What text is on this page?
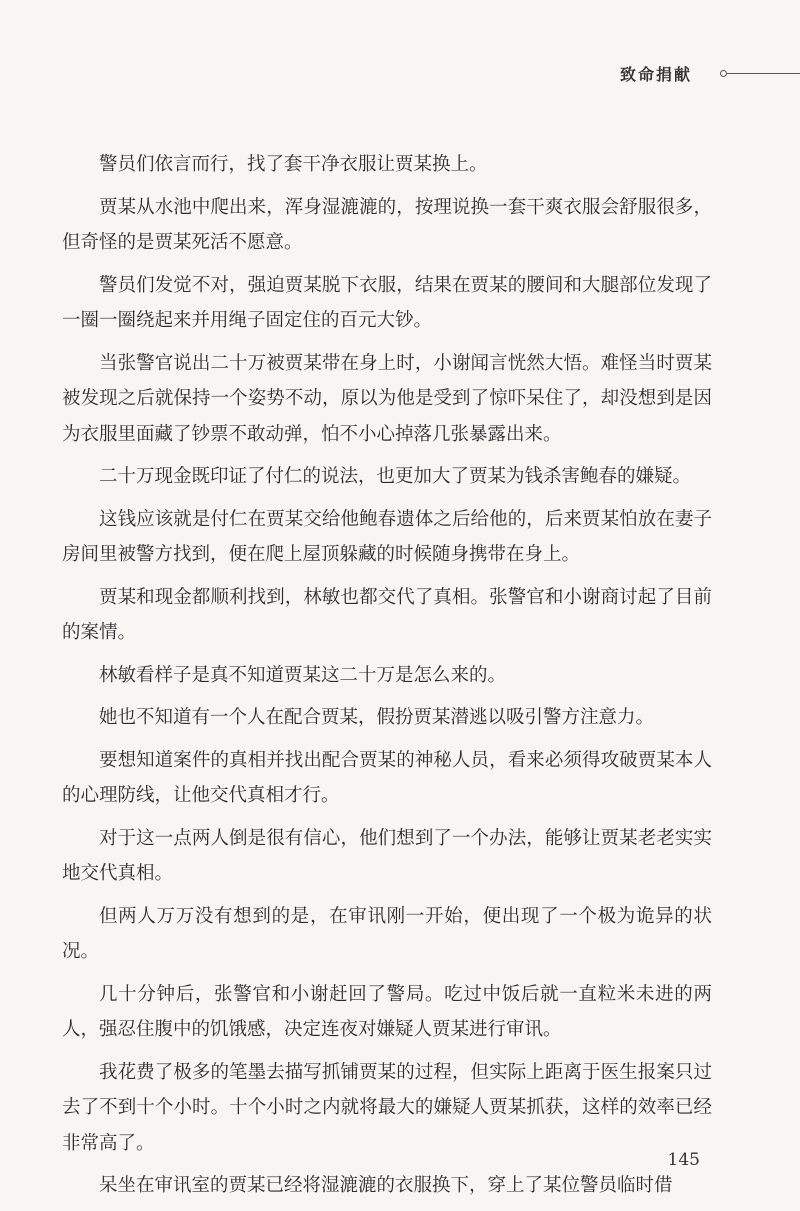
致命捐献

警员们依言而行，找了套干净衣服让贾某换上。

贾某从水池中爬出来，浑身湿漉漉的，按理说换一套干爽衣服会舒服很多，但奇怪的是贾某死活不愿意。

警员们发觉不对，强迫贾某脱下衣服，结果在贾某的腰间和大腿部位发现了一圈一圈绕起来并用绳子固定住的百元大钞。

当张警官说出二十万被贾某带在身上时，小谢闻言恍然大悟。难怪当时贾某被发现之后就保持一个姿势不动，原以为他是受到了惊吓呆住了，却没想到是因为衣服里面藏了钞票不敢动弹，怕不小心掉落几张暴露出来。

二十万现金既印证了付仁的说法，也更加大了贾某为钱杀害鲍春的嫌疑。

这钱应该就是付仁在贾某交给他鲍春遗体之后给他的，后来贾某怕放在妻子房间里被警方找到，便在爬上屋顶躲藏的时候随身携带在身上。

贾某和现金都顺利找到，林敏也都交代了真相。张警官和小谢商讨起了目前的案情。

林敏看样子是真不知道贾某这二十万是怎么来的。

她也不知道有一个人在配合贾某，假扮贾某潜逃以吸引警方注意力。

要想知道案件的真相并找出配合贾某的神秘人员，看来必须得攻破贾某本人的心理防线，让他交代真相才行。

对于这一点两人倒是很有信心，他们想到了一个办法，能够让贾某老老实实地交代真相。

但两人万万没有想到的是，在审讯刚一开始，便出现了一个极为诡异的状况。

几十分钟后，张警官和小谢赶回了警局。吃过中饭后就一直粒米未进的两人，强忍住腹中的饥饿感，决定连夜对嫌疑人贾某进行审讯。

我花费了极多的笔墨去描写抓铺贾某的过程，但实际上距离于医生报案只过去了不到十个小时。十个小时之内就将最大的嫌疑人贾某抓获，这样的效率已经非常高了。

呆坐在审讯室的贾某已经将湿漉漉的衣服换下，穿上了某位警员临时借

145
